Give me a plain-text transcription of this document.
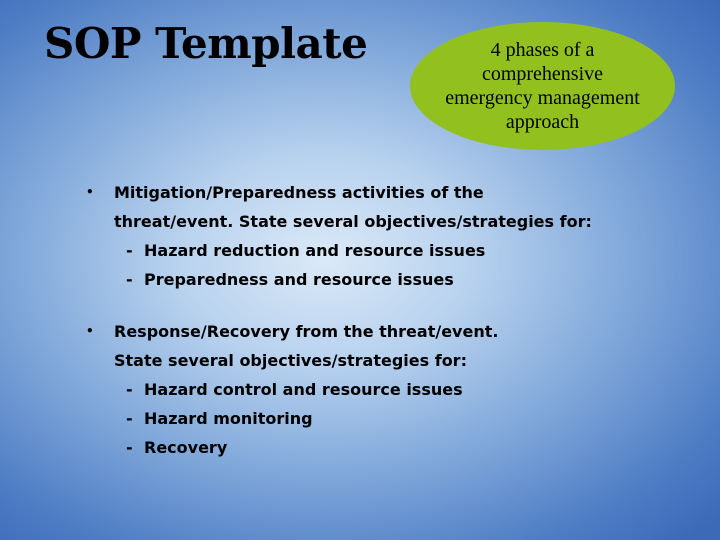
SOP Template	4 phases of a
comprehensive
emergency management
approach
• Mitigation/Preparedness activities of the
threat/event. State several objectives/strategies for:
- Hazard reduction and resource issues
- Preparedness and resource issues
• Response/Recovery from the threat/event.
State several objectives/strategies for:
- Hazard control and resource issues
- Hazard monitoring
- Recovery
